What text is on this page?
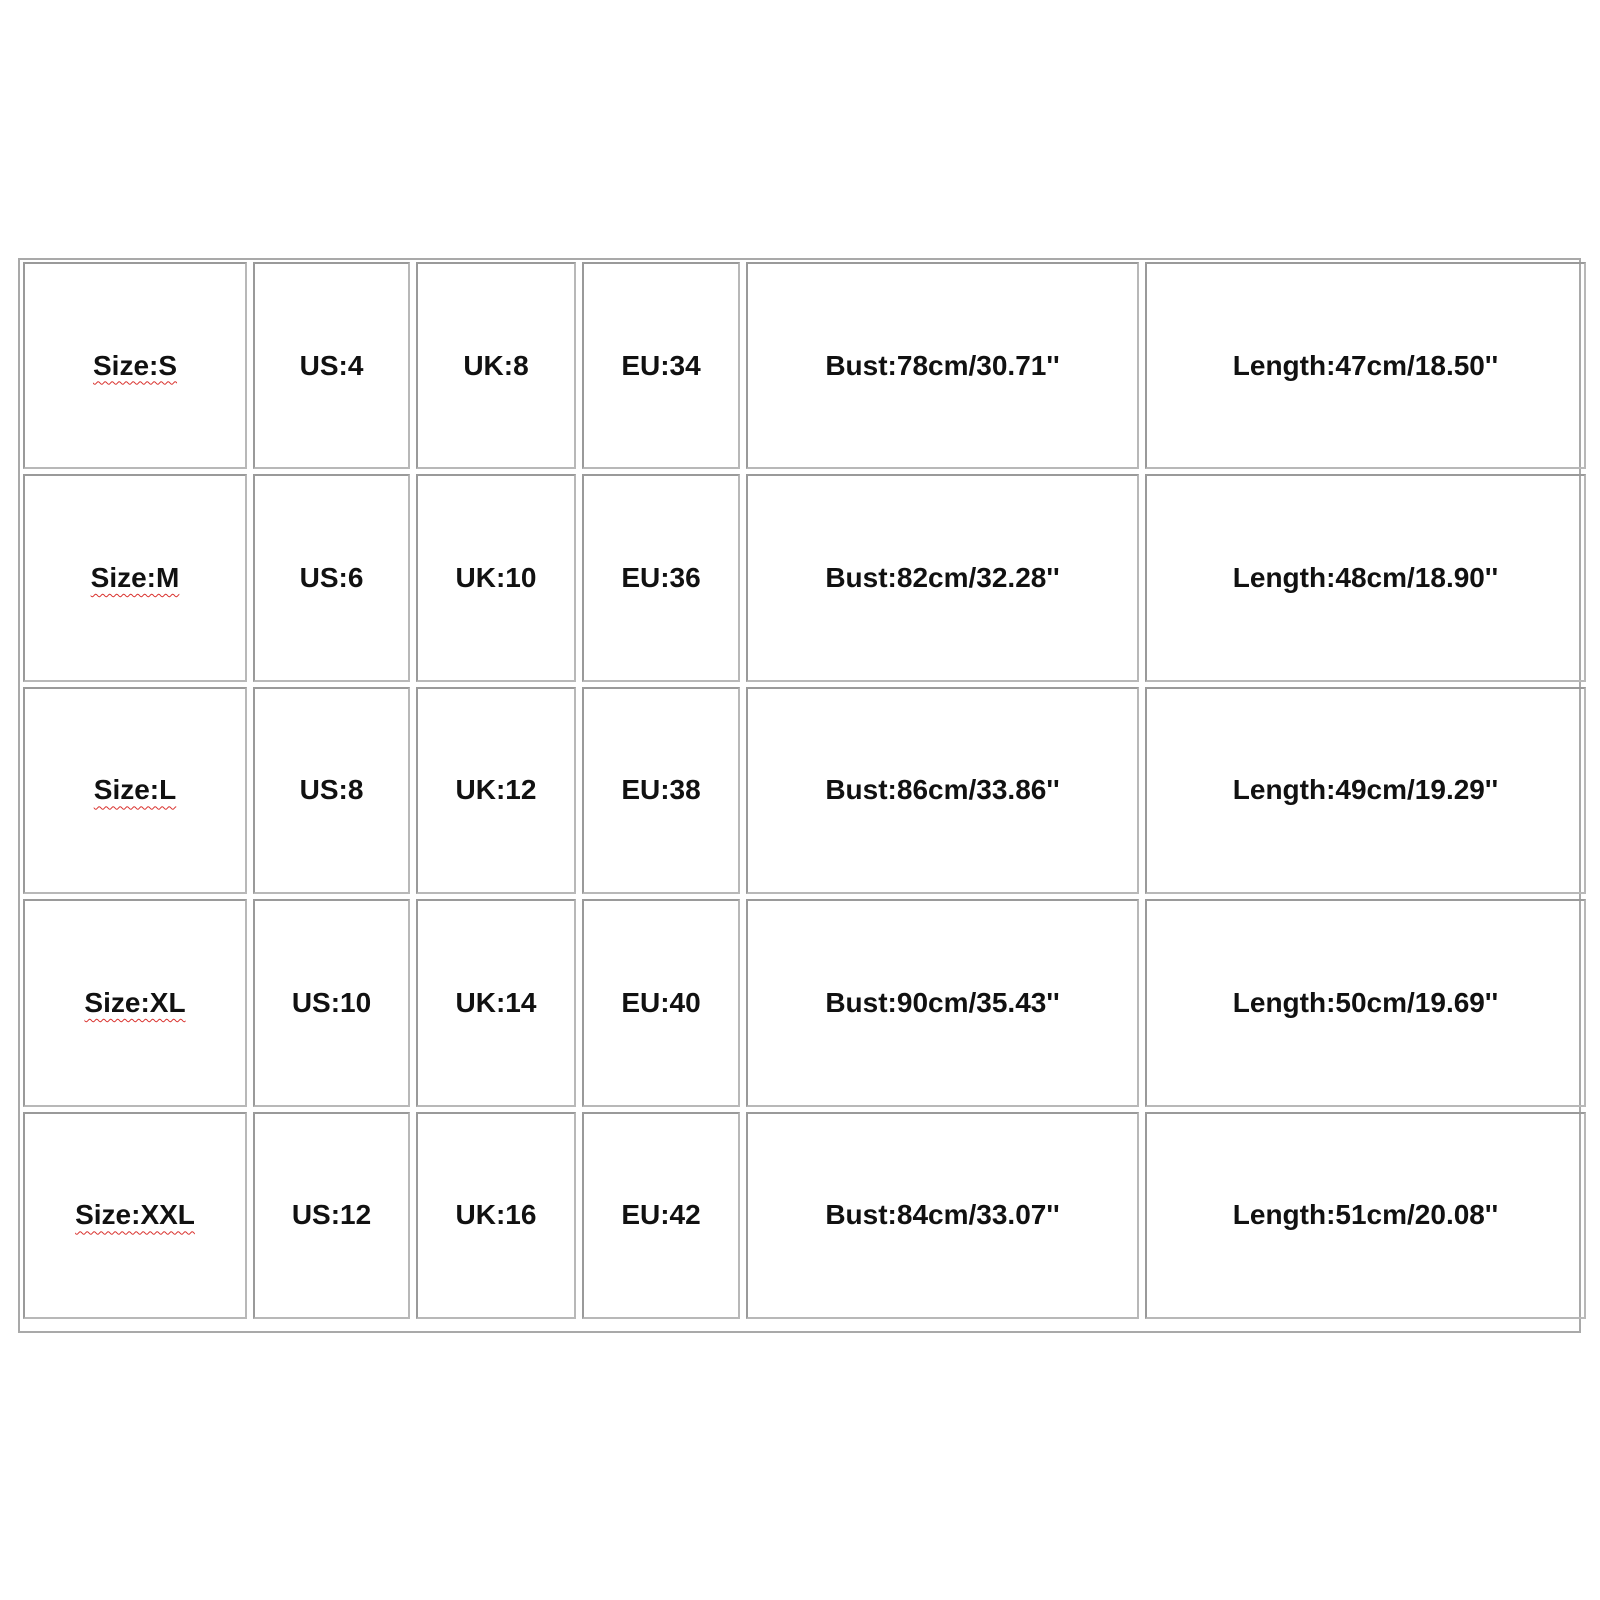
Size:S	US:4	UK:8	EU:34	Bust:78cm/30.71''	Length:47cm/18.50''
Size:M	US:6	UK:10	EU:36	Bust:82cm/32.28''	Length:48cm/18.90''
Size:L	US:8	UK:12	EU:38	Bust:86cm/33.86''	Length:49cm/19.29''
Size:XL	US:10	UK:14	EU:40	Bust:90cm/35.43''	Length:50cm/19.69''
Size:XXL	US:12	UK:16	EU:42	Bust:84cm/33.07''	Length:51cm/20.08''
